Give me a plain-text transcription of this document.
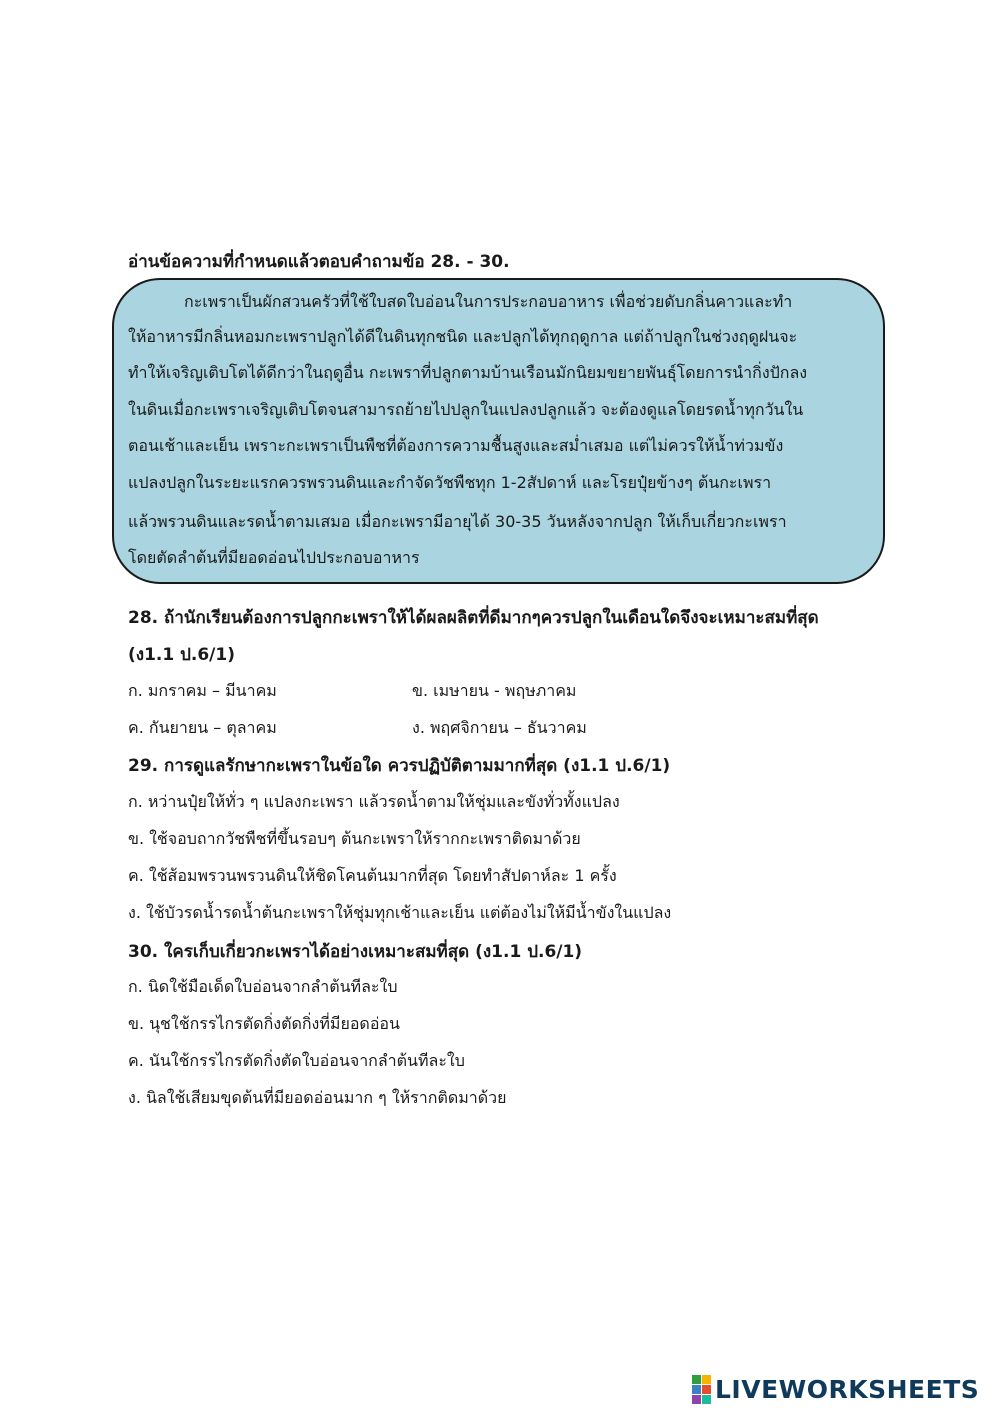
อ่านข้อความที่กำหนดแล้วตอบคำถามข้อ 28. - 30.
กะเพราเป็นผักสวนครัวที่ใช้ใบสดใบอ่อนในการประกอบอาหาร เพื่อช่วยดับกลิ่นคาวและทำ
ให้อาหารมีกลิ่นหอมกะเพราปลูกได้ดีในดินทุกชนิด และปลูกได้ทุกฤดูกาล แต่ถ้าปลูกในช่วงฤดูฝนจะ
ทำให้เจริญเติบโตได้ดีกว่าในฤดูอื่น กะเพราที่ปลูกตามบ้านเรือนมักนิยมขยายพันธุ์โดยการนำกิ่งปักลง
ในดินเมื่อกะเพราเจริญเติบโตจนสามารถย้ายไปปลูกในแปลงปลูกแล้ว จะต้องดูแลโดยรดน้ำทุกวันใน
ตอนเช้าและเย็น เพราะกะเพราเป็นพืชที่ต้องการความชื้นสูงและสม่ำเสมอ แต่ไม่ควรให้น้ำท่วมขัง
แปลงปลูกในระยะแรกควรพรวนดินและกำจัดวัชพืชทุก 1-2สัปดาห์ และโรยปุ๋ยข้างๆ ต้นกะเพรา
แล้วพรวนดินและรดน้ำตามเสมอ เมื่อกะเพรามีอายุได้ 30-35 วันหลังจากปลูก ให้เก็บเกี่ยวกะเพรา
โดยตัดลำต้นที่มียอดอ่อนไปประกอบอาหาร
28. ถ้านักเรียนต้องการปลูกกะเพราให้ได้ผลผลิตที่ดีมากๆควรปลูกในเดือนใดจึงจะเหมาะสมที่สุด
(ง1.1 ป.6/1)
ก. มกราคม – มีนาคม	ข. เมษายน - พฤษภาคม
ค. กันยายน – ตุลาคม	ง. พฤศจิกายน – ธันวาคม
29. การดูแลรักษากะเพราในข้อใด ควรปฏิบัติตามมากที่สุด (ง1.1 ป.6/1)
ก. หว่านปุ๋ยให้ทั่ว ๆ แปลงกะเพรา แล้วรดน้ำตามให้ชุ่มและขังทั่วทั้งแปลง
ข. ใช้จอบถากวัชพืชที่ขึ้นรอบๆ ต้นกะเพราให้รากกะเพราติดมาด้วย
ค. ใช้ส้อมพรวนพรวนดินให้ชิดโคนต้นมากที่สุด โดยทำสัปดาห์ละ 1 ครั้ง
ง. ใช้บัวรดน้ำรดน้ำต้นกะเพราให้ชุ่มทุกเช้าและเย็น แต่ต้องไม่ให้มีน้ำขังในแปลง
30. ใครเก็บเกี่ยวกะเพราได้อย่างเหมาะสมที่สุด (ง1.1 ป.6/1)
ก. นิดใช้มือเด็ดใบอ่อนจากลำต้นทีละใบ
ข. นุชใช้กรรไกรตัดกิ่งตัดกิ่งที่มียอดอ่อน
ค. นันใช้กรรไกรตัดกิ่งตัดใบอ่อนจากลำต้นทีละใบ
ง. นิลใช้เสียมขุดต้นที่มียอดอ่อนมาก ๆ ให้รากติดมาด้วย
LIVEWORKSHEETS
